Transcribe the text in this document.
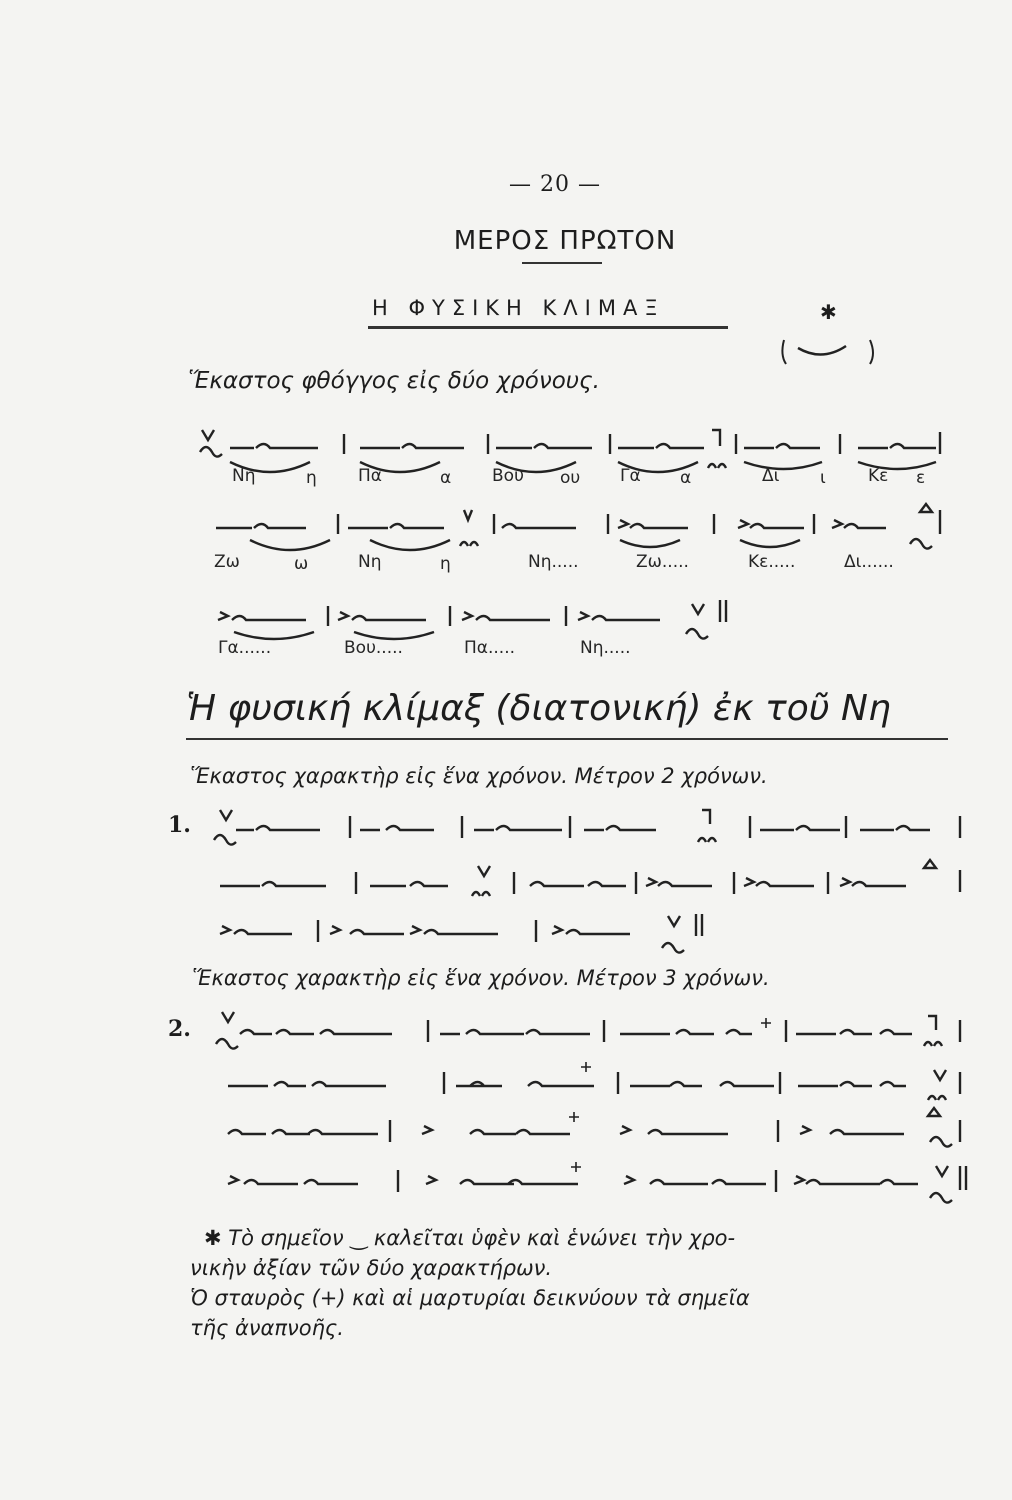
— 20 —
ΜΕΡΟΣ ΠΡΩΤΟΝ
Η ΦΥΣΙΚΗ ΚΛΙΜΑΞ	✱
Ἕκαστος φθόγγος εἰς δύο χρόνους.
Νη	η Πα	α Βου ου Γα α	Δι ι Κε ε
Ζω	ω	Νη	η	Νη.....	Ζω.....	Κε.....	Δι......
Γα......	Βου.....	Πα.....	Νη.....
Ἡ φυσική κλίμαξ (διατονική) ἐκ τοῦ Νη
Ἕκαστος χαρακτὴρ εἰς ἕνα χρόνον. Μέτρον 2 χρόνων.
1.
Ἕκαστος χαρακτὴρ εἰς ἕνα χρόνον. Μέτρον 3 χρόνων.
2.
✱ Τὸ σημεῖον ‿ καλεῖται ὑφὲν καὶ ἑνώνει τὴν χρο-
νικὴν ἀξίαν τῶν δύο χαρακτήρων.
Ὁ σταυρὸς (+) καὶ αἱ μαρτυρίαι δεικνύουν τὰ σημεῖα
τῆς ἀναπνοῆς.
